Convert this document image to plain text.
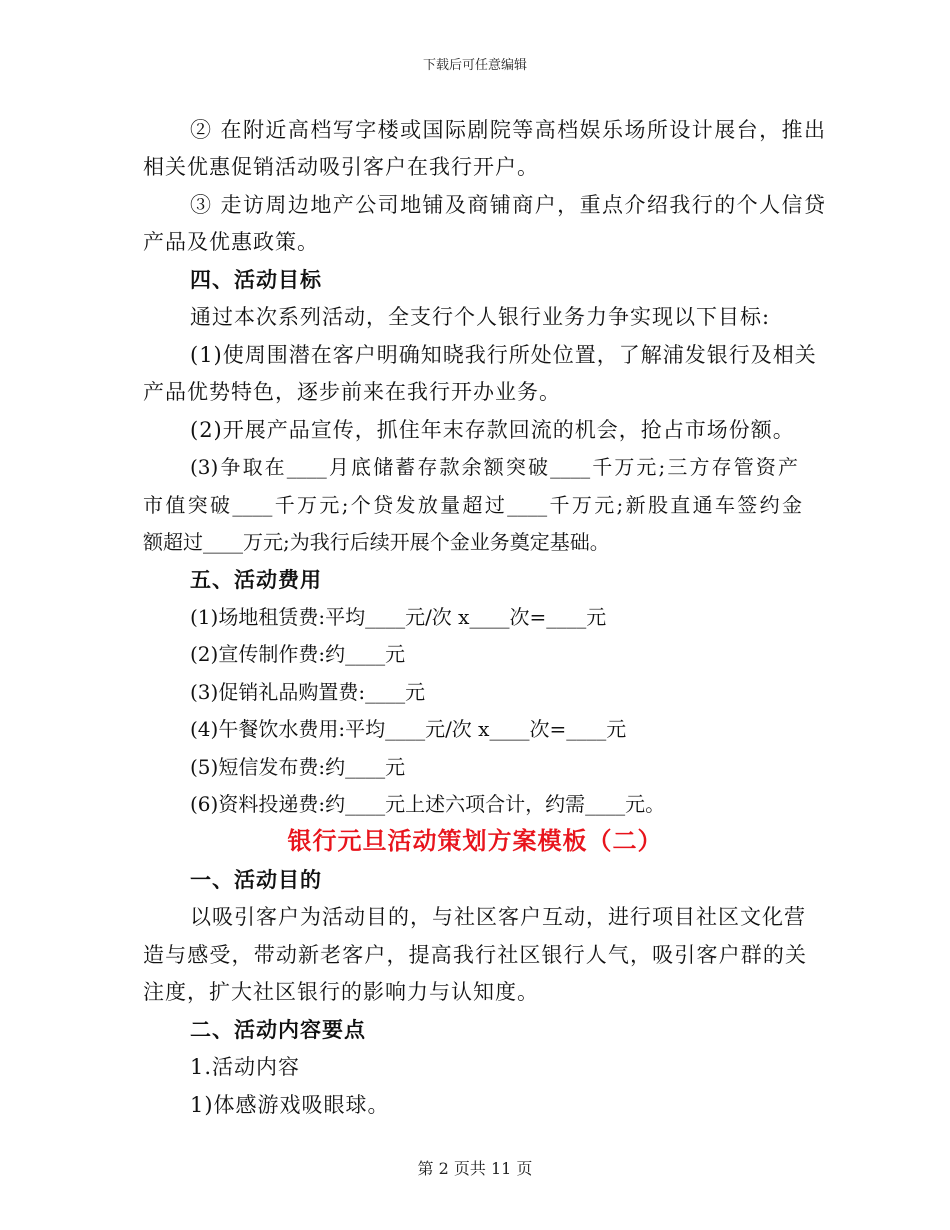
下载后可任意编辑
② 在附近高档写字楼或国际剧院等高档娱乐场所设计展台，推出
相关优惠促销活动吸引客户在我行开户。
③ 走访周边地产公司地铺及商铺商户，重点介绍我行的个人信贷
产品及优惠政策。
四、活动目标
通过本次系列活动，全支行个人银行业务力争实现以下目标:
(1)使周围潜在客户明确知晓我行所处位置，了解浦发银行及相关
产品优势特色，逐步前来在我行开办业务。
(2)开展产品宣传，抓住年末存款回流的机会，抢占市场份额。
(3)争取在____月底储蓄存款余额突破____千万元;三方存管资产
市值突破____千万元;个贷发放量超过____千万元;新股直通车签约金
额超过____万元;为我行后续开展个金业务奠定基础。
五、活动费用
(1)场地租赁费:平均____元/次 x____次=____元
(2)宣传制作费:约____元
(3)促销礼品购置费:____元
(4)午餐饮水费用:平均____元/次 x____次=____元
(5)短信发布费:约____元
(6)资料投递费:约____元上述六项合计，约需____元。
银行元旦活动策划方案模板（二）
一、活动目的
以吸引客户为活动目的，与社区客户互动，进行项目社区文化营
造与感受，带动新老客户，提高我行社区银行人气，吸引客户群的关
注度，扩大社区银行的影响力与认知度。
二、活动内容要点
1.活动内容
1)体感游戏吸眼球。
第 2 页共 11 页
